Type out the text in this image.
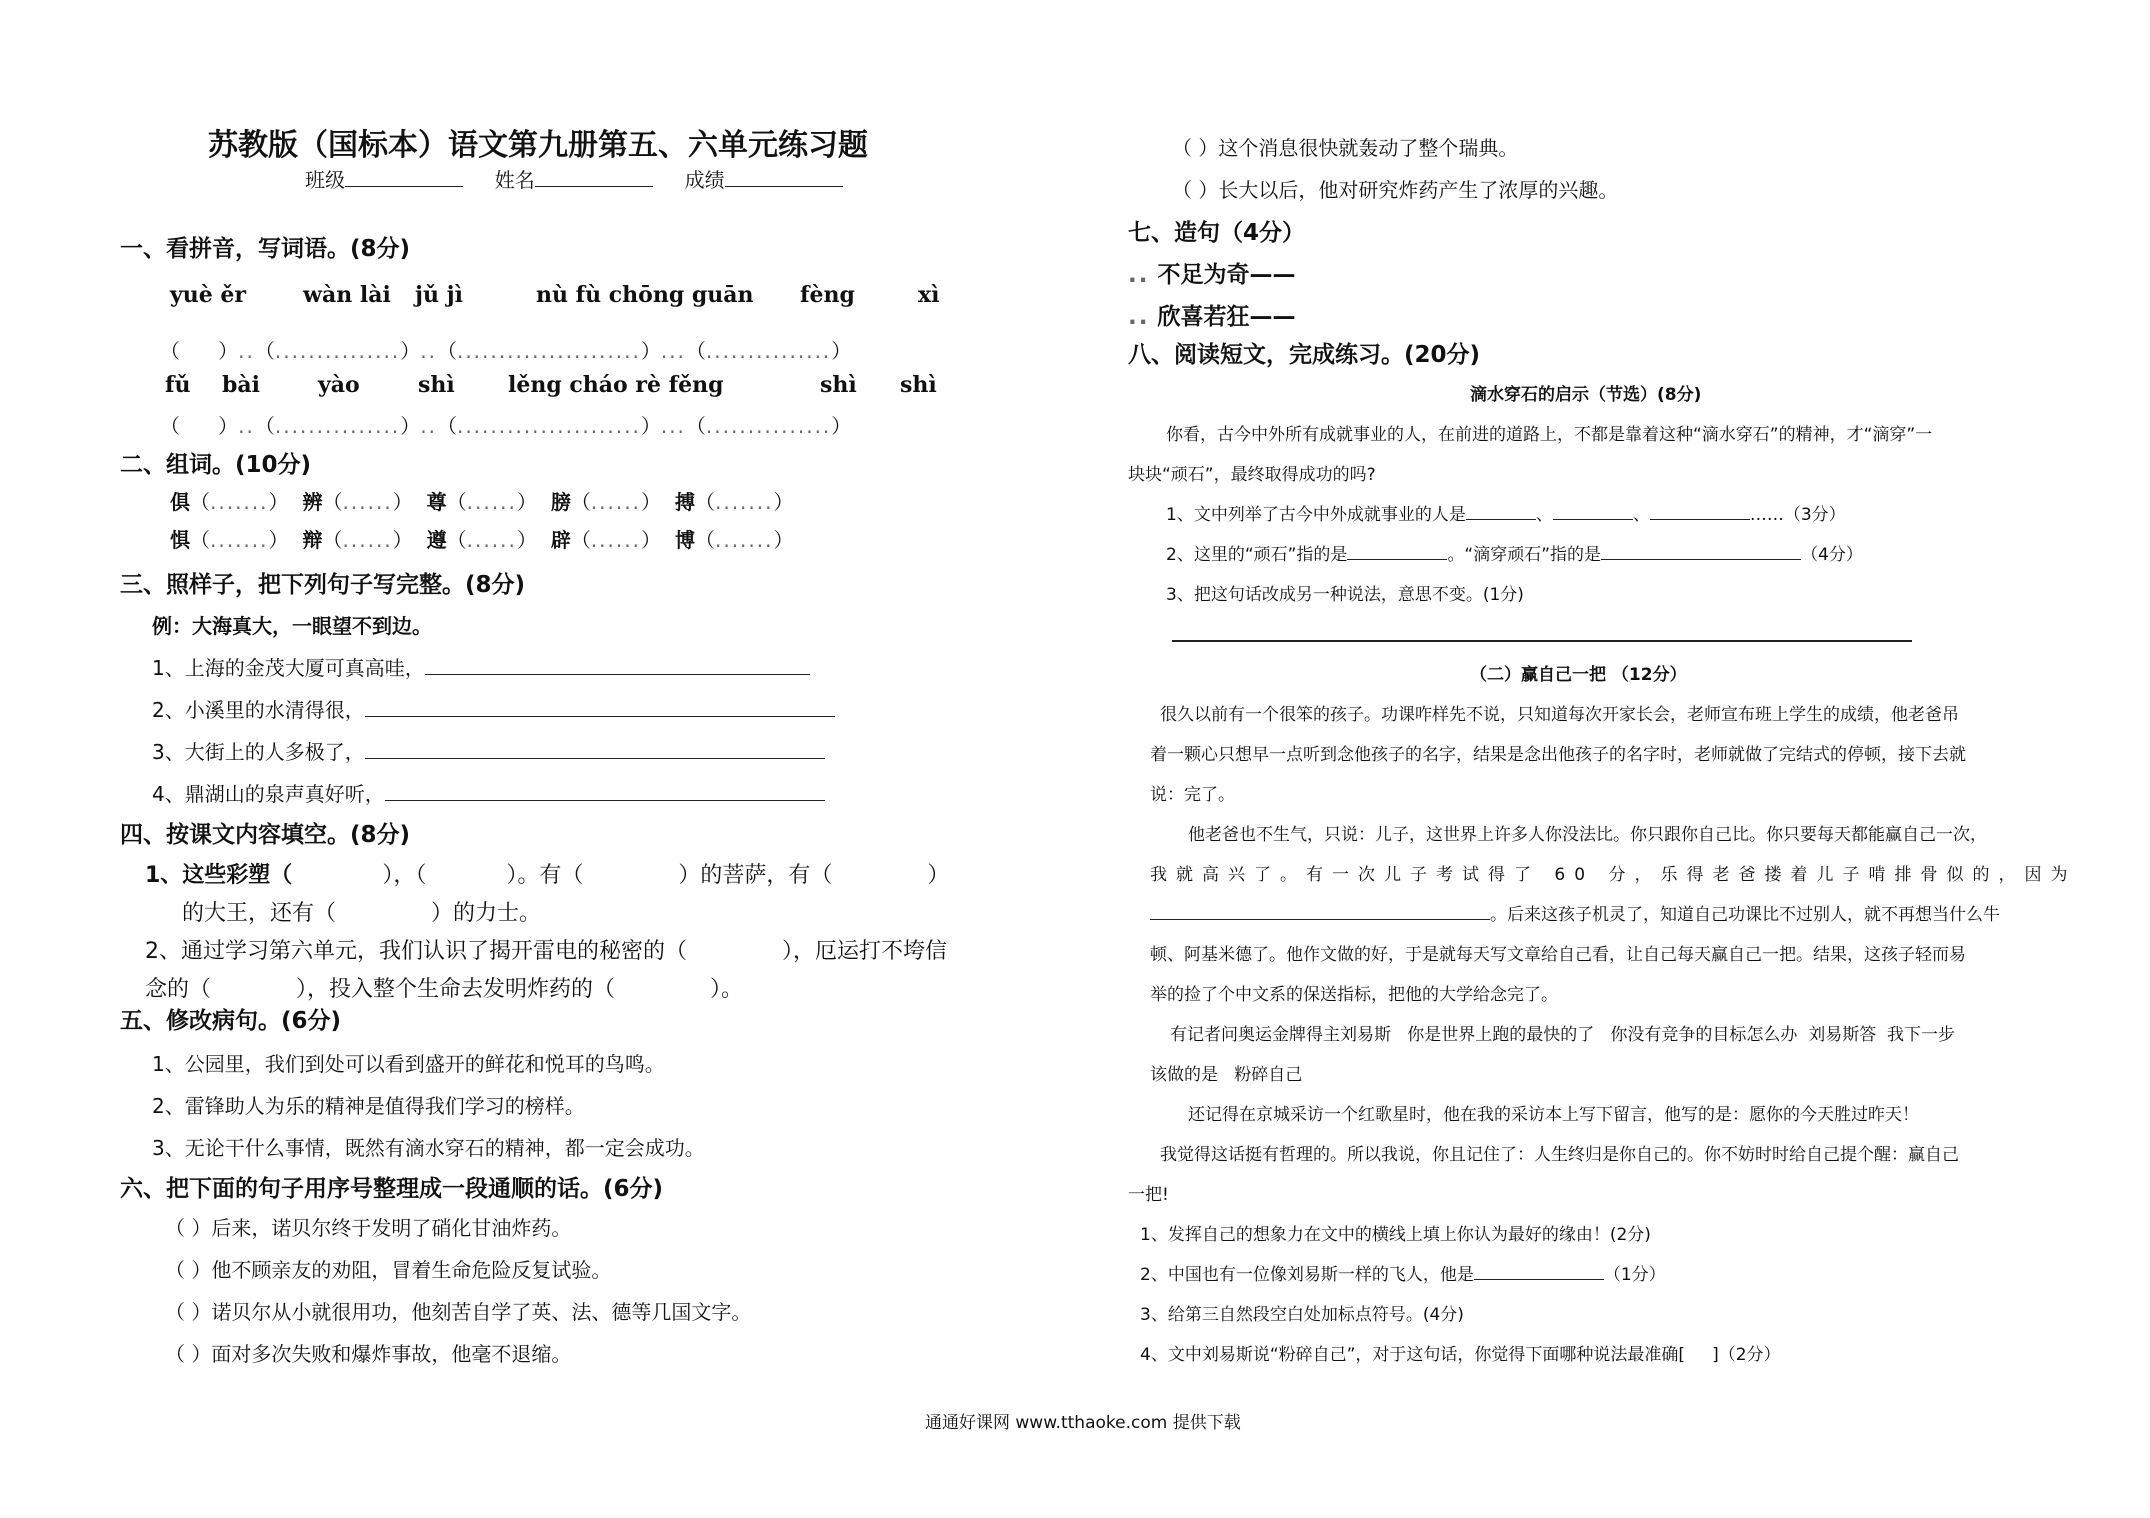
苏教版（国标本）语文第九册第五、六单元练习题
班级	姓名	成绩
一、看拼音，写词语。(8分)
yuè ěr	wàn lài jǔ jì	nù fù chōng guān fèng	xì
（      ）..（...............）..（......................）...（...............）
fǔ bài	yào	shì lěng cháo rè fěng	shì shì
（      ）..（...............）..（......................）...（...............）
二、组词。(10分)
俱（.......） 辨（......） 尊（......） 膀（......） 搏（.......）
惧（.......） 辩（......） 遵（......） 辟（......） 博（.......）
三、照样子，把下列句子写完整。(8分)
例：大海真大，一眼望不到边。
1、上海的金茂大厦可真高哇，
2、小溪里的水清得很，
3、大街上的人多极了，
4、鼎湖山的泉声真好听，
四、按课文内容填空。(8分)
1、这些彩塑（	），（	）。有（	）的菩萨，有（	）
的大王，还有（	）的力士。
2、通过学习第六单元，我们认识了揭开雷电的秘密的（	），厄运打不垮信
念的（	），投入整个生命去发明炸药的（	）。
五、修改病句。(6分)
1、公园里，我们到处可以看到盛开的鲜花和悦耳的鸟鸣。
2、雷锋助人为乐的精神是值得我们学习的榜样。
3、无论干什么事情，既然有滴水穿石的精神，都一定会成功。
六、把下面的句子用序号整理成一段通顺的话。(6分)
（ ）后来，诺贝尔终于发明了硝化甘油炸药。
（ ）他不顾亲友的劝阻，冒着生命危险反复试验。
（ ）诺贝尔从小就很用功，他刻苦自学了英、法、德等几国文字。
（ ）面对多次失败和爆炸事故，他毫不退缩。
（ ）这个消息很快就轰动了整个瑞典。
（ ）长大以后，他对研究炸药产生了浓厚的兴趣。
七、造句（4分）
.. 不足为奇——
.. 欣喜若狂——
八、阅读短文，完成练习。(20分)
滴水穿石的启示（节选）(8分)
你看，古今中外所有成就事业的人，在前进的道路上，不都是靠着这种“滴水穿石”的精神，才“滴穿”一
块块“顽石”，最终取得成功的吗?
1、文中列举了古今中外成就事业的人是	、	、	……（3分）
2、这里的“顽石”指的是	。“滴穿顽石”指的是	（4分）
3、把这句话改成另一种说法，意思不变。(1分)
（二）赢自己一把 （12分）
很久以前有一个很笨的孩子。功课咋样先不说，只知道每次开家长会，老师宣布班上学生的成绩，他老爸吊
着一颗心只想早一点听到念他孩子的名字，结果是念出他孩子的名字时，老师就做了完结式的停顿，接下去就
说：完了。
他老爸也不生气，只说：儿子，这世界上许多人你没法比。你只跟你自己比。你只要每天都能赢自己一次，
我就高兴了。有一次儿子考试得了 60 分，乐得老爸搂着儿子啃排骨似的，因为
。后来这孩子机灵了，知道自己功课比不过别人，就不再想当什么牛
顿、阿基米德了。他作文做的好，于是就每天写文章给自己看，让自己每天赢自己一把。结果，这孩子轻而易
举的捡了个中文系的保送指标，把他的大学给念完了。
有记者问奥运金牌得主刘易斯   你是世界上跑的最快的了   你没有竞争的目标怎么办  刘易斯答  我下一步
该做的是   粉碎自己
还记得在京城采访一个红歌星时，他在我的采访本上写下留言，他写的是：愿你的今天胜过昨天！
我觉得这话挺有哲理的。所以我说，你且记住了：人生终归是你自己的。你不妨时时给自己提个醒：赢自己
一把!
1、发挥自己的想象力在文中的横线上填上你认为最好的缘由！(2分)
2、中国也有一位像刘易斯一样的飞人，他是	（1分）
3、给第三自然段空白处加标点符号。(4分)
4、文中刘易斯说“粉碎自己”，对于这句话，你觉得下面哪种说法最准确[     ]（2分）
通通好课网 www.tthaoke.com 提供下载
